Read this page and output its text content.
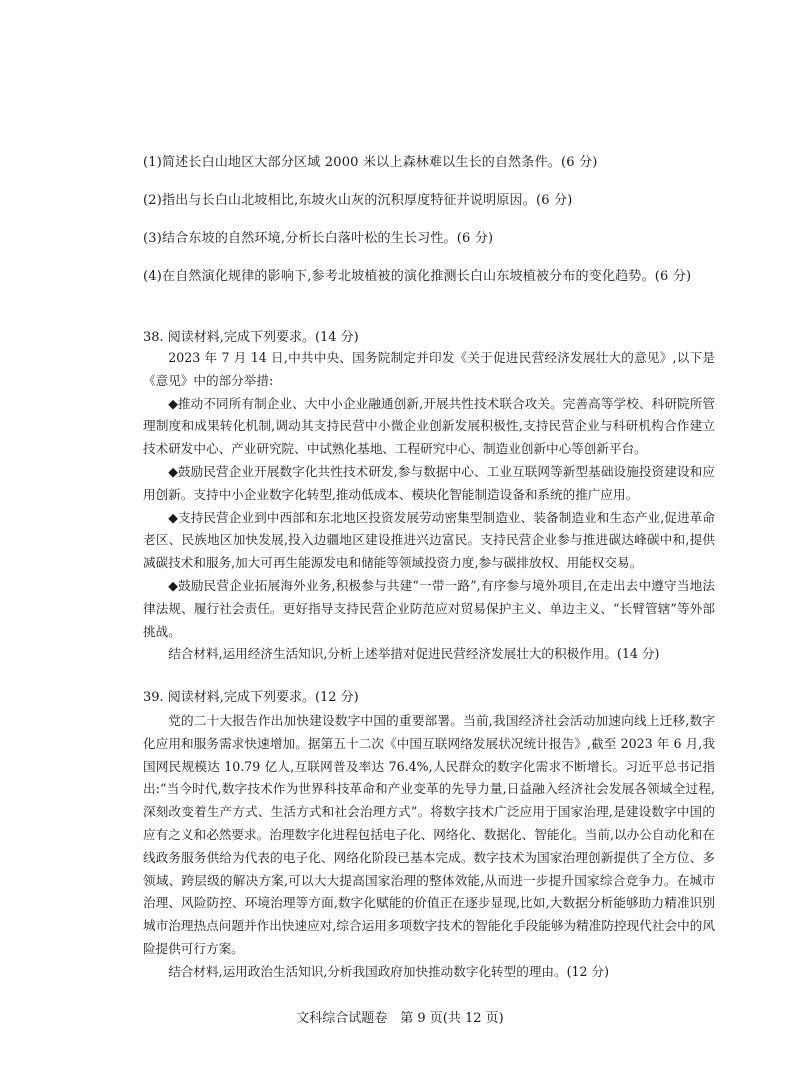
(1)简述长白山地区大部分区域 2000 米以上森林难以生长的自然条件。(6 分)

(2)指出与长白山北坡相比,东坡火山灰的沉积厚度特征并说明原因。(6 分)

(3)结合东坡的自然环境,分析长白落叶松的生长习性。(6 分)

(4)在自然演化规律的影响下,参考北坡植被的演化推测长白山东坡植被分布的变化趋势。(6 分)

38. 阅读材料,完成下列要求。(14 分)

2023 年 7 月 14 日,中共中央、国务院制定并印发《关于促进民营经济发展壮大的意见》,以下是《意见》中的部分举措:

◆推动不同所有制企业、大中小企业融通创新,开展共性技术联合攻关。完善高等学校、科研院所管理制度和成果转化机制,调动其支持民营中小微企业创新发展积极性,支持民营企业与科研机构合作建立技术研发中心、产业研究院、中试熟化基地、工程研究中心、制造业创新中心等创新平台。

◆鼓励民营企业开展数字化共性技术研发,参与数据中心、工业互联网等新型基础设施投资建设和应用创新。支持中小企业数字化转型,推动低成本、模块化智能制造设备和系统的推广应用。

◆支持民营企业到中西部和东北地区投资发展劳动密集型制造业、装备制造业和生态产业,促进革命老区、民族地区加快发展,投入边疆地区建设推进兴边富民。支持民营企业参与推进碳达峰碳中和,提供减碳技术和服务,加大可再生能源发电和储能等领域投资力度,参与碳排放权、用能权交易。

◆鼓励民营企业拓展海外业务,积极参与共建“一带一路”,有序参与境外项目,在走出去中遵守当地法律法规、履行社会责任。更好指导支持民营企业防范应对贸易保护主义、单边主义、“长臂管辖”等外部挑战。

结合材料,运用经济生活知识,分析上述举措对促进民营经济发展壮大的积极作用。(14 分)

39. 阅读材料,完成下列要求。(12 分)

党的二十大报告作出加快建设数字中国的重要部署。当前,我国经济社会活动加速向线上迁移,数字化应用和服务需求快速增加。据第五十二次《中国互联网络发展状况统计报告》,截至 2023 年 6 月,我国网民规模达 10.79 亿人,互联网普及率达 76.4%,人民群众的数字化需求不断增长。习近平总书记指出:“当今时代,数字技术作为世界科技革命和产业变革的先导力量,日益融入经济社会发展各领域全过程,深刻改变着生产方式、生活方式和社会治理方式”。将数字技术广泛应用于国家治理,是建设数字中国的应有之义和必然要求。治理数字化进程包括电子化、网络化、数据化、智能化。当前,以办公自动化和在线政务服务供给为代表的电子化、网络化阶段已基本完成。数字技术为国家治理创新提供了全方位、多领域、跨层级的解决方案,可以大大提高国家治理的整体效能,从而进一步提升国家综合竞争力。在城市治理、风险防控、环境治理等方面,数字化赋能的价值正在逐步显现,比如,大数据分析能够助力精准识别城市治理热点问题并作出快速应对,综合运用多项数字技术的智能化手段能够为精准防控现代社会中的风险提供可行方案。

结合材料,运用政治生活知识,分析我国政府加快推动数字化转型的理由。(12 分)

文科综合试题卷　第 9 页(共 12 页)
